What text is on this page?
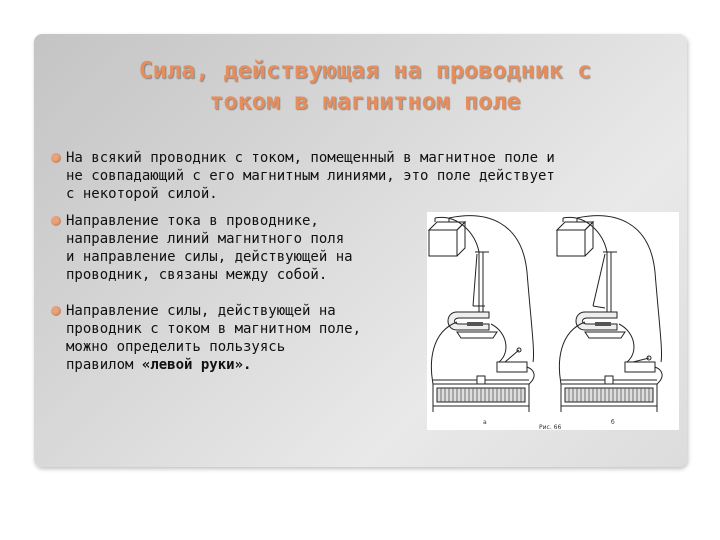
Сила, действующая на проводник с
током в магнитном поле
На всякий проводник с током, помещенный в магнитное поле и
не совпадающий с его магнитным линиями, это поле действует
с некоторой силой.
Направление тока в проводнике,
направление линий магнитного поля
и направление силы, действующей на
проводник, связаны между собой.
Направление силы, действующей на
проводник с током в магнитном поле,
можно определить пользуясь
правилом «левой руки».
a	б
Рис. 66
